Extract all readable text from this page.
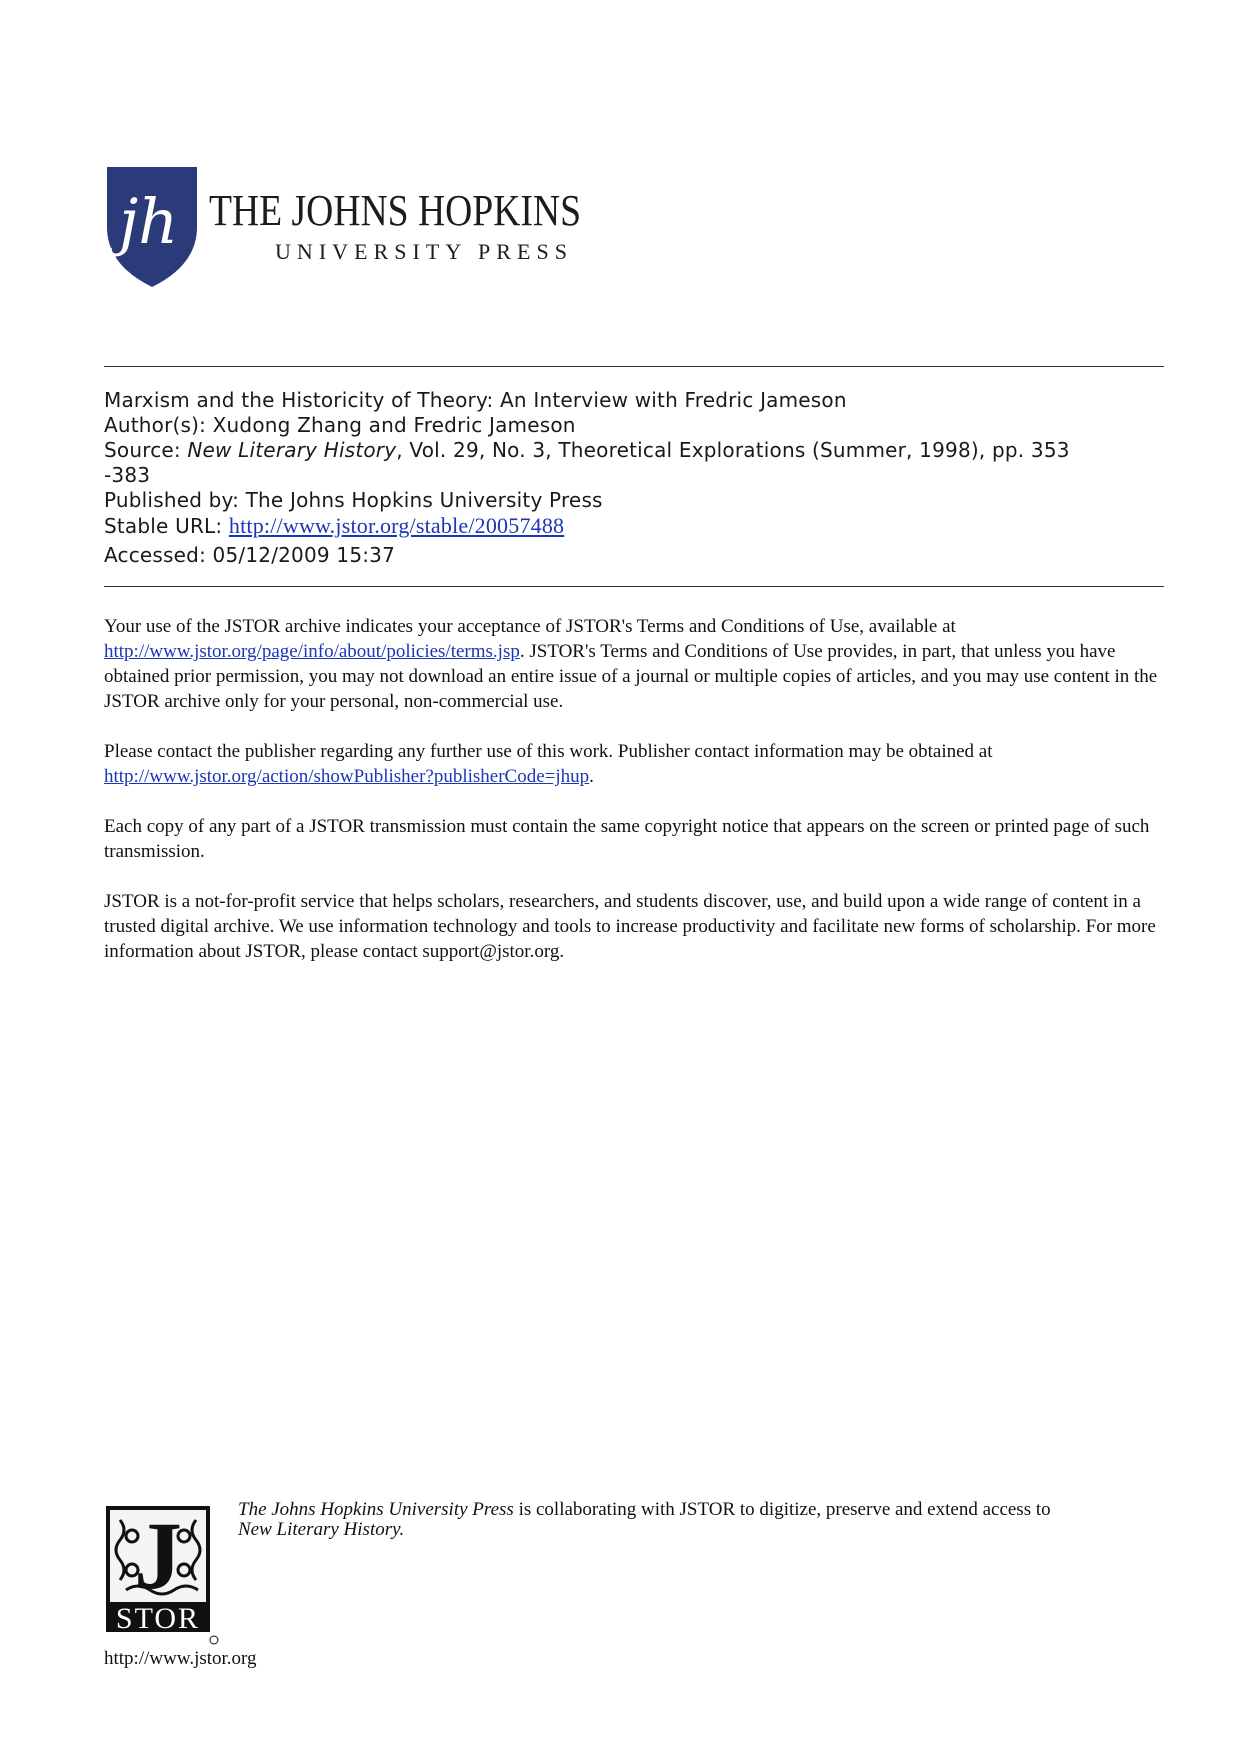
jh THE JOHNS HOPKINS
UNIVERSITY PRESS
Marxism and the Historicity of Theory: An Interview with Fredric Jameson
Author(s): Xudong Zhang and Fredric Jameson
Source: New Literary History, Vol. 29, No. 3, Theoretical Explorations (Summer, 1998), pp. 353
-383
Published by: The Johns Hopkins University Press
Stable URL: http://www.jstor.org/stable/20057488
Accessed: 05/12/2009 15:37

Your use of the JSTOR archive indicates your acceptance of JSTOR's Terms and Conditions of Use, available at
http://www.jstor.org/page/info/about/policies/terms.jsp. JSTOR's Terms and Conditions of Use provides, in part, that unless you have obtained prior permission, you may not download an entire issue of a journal or multiple copies of articles, and you may use content in the JSTOR archive only for your personal, non-commercial use.

Please contact the publisher regarding any further use of this work. Publisher contact information may be obtained at
http://www.jstor.org/action/showPublisher?publisherCode=jhup.

Each copy of any part of a JSTOR transmission must contain the same copyright notice that appears on the screen or printed page of such transmission.

JSTOR is a not-for-profit service that helps scholars, researchers, and students discover, use, and build upon a wide range of content in a trusted digital archive. We use information technology and tools to increase productivity and facilitate new forms of scholarship. For more information about JSTOR, please contact support@jstor.org.

J
STOR
The Johns Hopkins University Press is collaborating with JSTOR to digitize, preserve and extend access to
New Literary History.
http://www.jstor.org
